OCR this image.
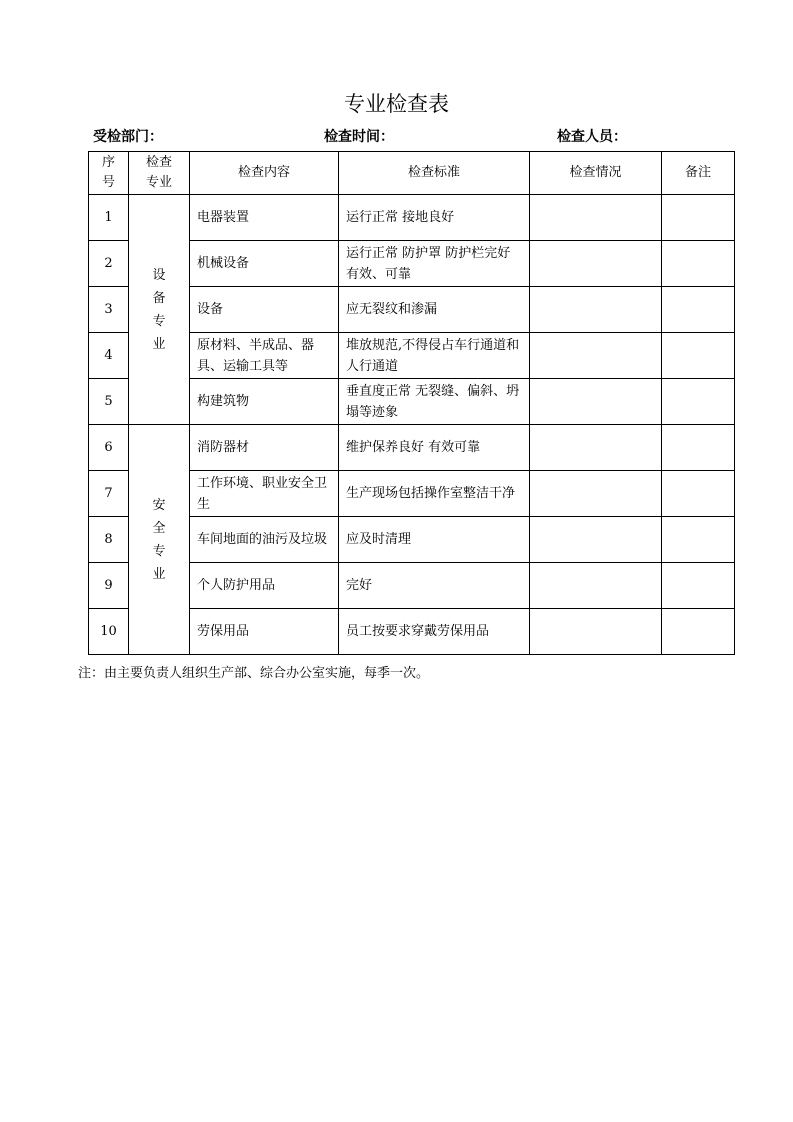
专业检查表
受检部门：	检查时间：	检查人员：
序号	检查专业	检查内容	检查标准	检查情况	备注
1	设备专业	电器装置	运行正常 接地良好		
2		机械设备	运行正常 防护罩 防护栏完好有效、可靠		
3		设备	应无裂纹和渗漏		
4		原材料、半成品、器具、运输工具等	堆放规范,不得侵占车行通道和人行通道		
5		构建筑物	垂直度正常 无裂缝、偏斜、坍塌等迹象		
6	安全专业	消防器材	维护保养良好 有效可靠		
7		工作环境、职业安全卫生	生产现场包括操作室整洁干净		
8		车间地面的油污及垃圾	应及时清理		
9		个人防护用品	完好		
10		劳保用品	员工按要求穿戴劳保用品		
注：由主要负责人组织生产部、综合办公室实施，每季一次。
